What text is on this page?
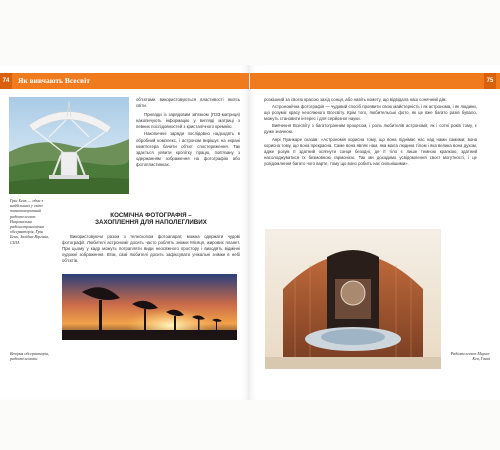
74	75
Як вивчають Всесвіт
Грін Бенк — один з найбільших у світі повноповоротний радіотелескоп. Національна радіоастрономічна обсерваторія, Грін Бенк, Західна Віргінія, США
об'єктами використовуються властивості якоїсь світи.
Прилади із зарядовим зв'язком (ПЗЗ-матриця) накопичують інформацію у вигляді матриці з певних послідовностей з кристалічного кремнію.
Накопичені заряди послідовно надходять в обробний комплекс, і астроном вирішує на екрані комп'ютера бачити об'єкт спостереження. Так здається уявити кропітку працю, пов'язану з одержанням зображення на фотографію або фотопластинках.
КОСМІЧНА ФОТОГРАФІЯ –
ЗАХОПЛЕННЯ ДЛЯ НАПОЛЕГЛИВИХ
Використовуючи разом з телескопом фотоапарат, можна одержати чудові фотографії. Любителі астрономії досить часто роблять знімки Місяця, жирових планет. При цьому у кадр можуть потрапляти види неосяжного простору і виходять відмінні художні зображення. Втім, самі любителі досить зафіксувати унікальні знімки в небі об'єктів.
Вечірня обсерваторія, радіотелескопи
розкішний за своєю красою захід сонця, або навіть комету, що відвідала наш сонячний дім.
Астрономічна фотографія — чудовий спосіб проявити свою майстерність і як астронома, і як людини, що розуміє красу неосяжного Всесвіту. Крім того, любительські фото, як це вже багато разів бувало, можуть становити інтерес і для серйозної науки.
Вивчення Всесвіту з багатогранним процесом, і роль любителів астрономії, як і сотні років тому, є дуже значною.
Анрі Пуанкаре сказав: «Астрономія корисна тому, що вона піднімає нас над нами самими; вона корисна тому, що вона прекрасна. Саме вона являє нам, яка мала людина тілом і яка велика вона духом, адже розум її здатний осягнути сонця безодні, де її тіло є лише темною крапкою, здатний насолоджуватися їх безмовною гармонією. Так ми доходимо усвідомлення своєї могутності, і це усвідомлення багато чого варте, тому що воно робить нас сильнішими».
Радіотелескоп Мауна-Кеа, Гаваї
